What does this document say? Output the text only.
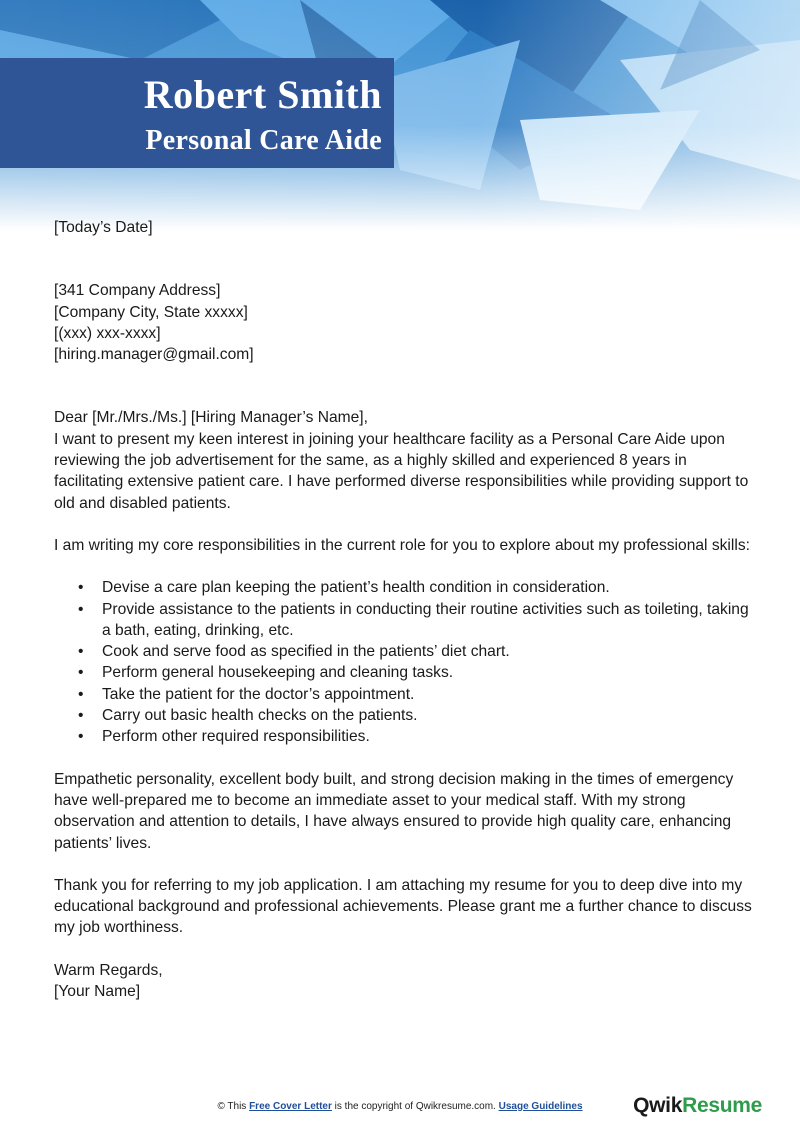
Robert Smith
Personal Care Aide

[Today’s Date]

[341 Company Address]

[Company City, State xxxxx]

[(xxx) xxx-xxxx]

[hiring.manager@gmail.com]

Dear [Mr./Mrs./Ms.] [Hiring Manager’s Name],

I want to present my keen interest in joining your healthcare facility as a Personal Care Aide upon reviewing the job advertisement for the same, as a highly skilled and experienced 8 years in facilitating extensive patient care. I have performed diverse responsibilities while providing support to old and disabled patients.

I am writing my core responsibilities in the current role for you to explore about my professional skills:

• Devise a care plan keeping the patient’s health condition in consideration.
• Provide assistance to the patients in conducting their routine activities such as toileting, taking a bath, eating, drinking, etc.
• Cook and serve food as specified in the patients’ diet chart.
• Perform general housekeeping and cleaning tasks.
• Take the patient for the doctor’s appointment.
• Carry out basic health checks on the patients.
• Perform other required responsibilities.

Empathetic personality, excellent body built, and strong decision making in the times of emergency have well-prepared me to become an immediate asset to your medical staff. With my strong observation and attention to details, I have always ensured to provide high quality care, enhancing patients’ lives.

Thank you for referring to my job application. I am attaching my resume for you to deep dive into my educational background and professional achievements. Please grant me a further chance to discuss my job worthiness.

Warm Regards,

[Your Name]

© This Free Cover Letter is the copyright of Qwikresume.com. Usage Guidelines	QwikResume
